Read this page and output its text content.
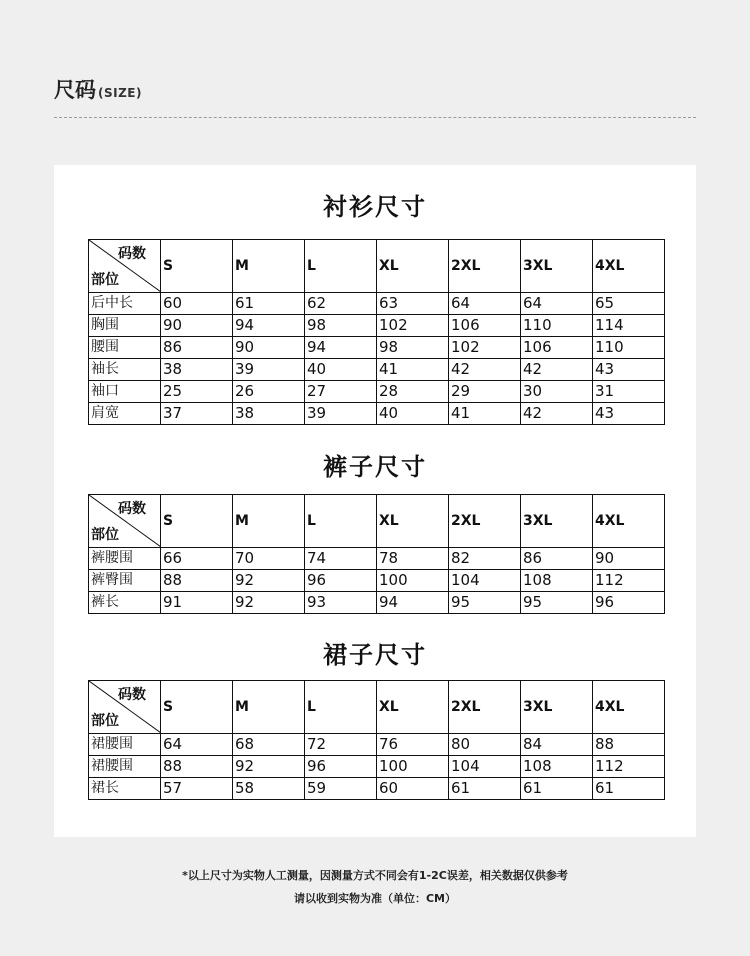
尺码 (SIZE)
衬衫尺寸
码数
部位	S	M	L	XL	2XL	3XL	4XL
后中长	60	61	62	63	64	64	65
胸围	90	94	98	102	106	110	114
腰围	86	90	94	98	102	106	110
袖长	38	39	40	41	42	42	43
袖口	25	26	27	28	29	30	31
肩宽	37	38	39	40	41	42	43
裤子尺寸
码数
部位	S	M	L	XL	2XL	3XL	4XL
裤腰围	66	70	74	78	82	86	90
裤臀围	88	92	96	100	104	108	112
裤长	91	92	93	94	95	95	96
裙子尺寸
码数
部位	S	M	L	XL	2XL	3XL	4XL
裙腰围	64	68	72	76	80	84	88
裙腰围	88	92	96	100	104	108	112
裙长	57	58	59	60	61	61	61
*以上尺寸为实物人工测量，因测量方式不同会有1-2C误差，相关数据仅供参考
请以收到实物为准（单位：CM）
